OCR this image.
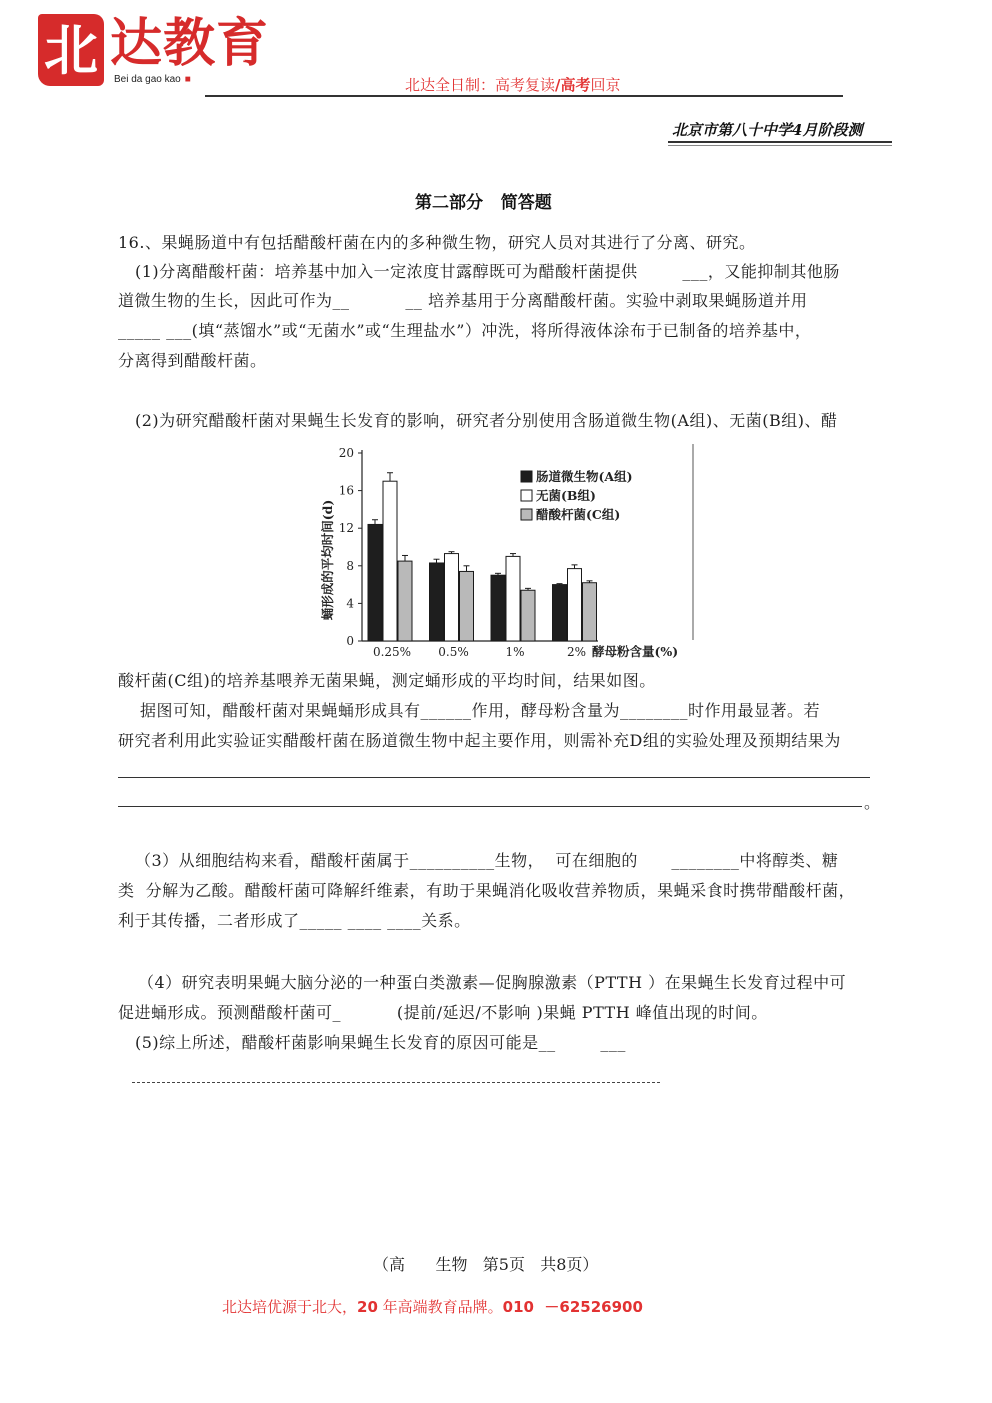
北 达教育
Bei da gao kao ■	北达全日制：高考复读/高考回京
北京市第八十中学4月阶段测
第二部分   简答题
16.、果蝇肠道中有包括醋酸杆菌在内的多种微生物，研究人员对其进行了分离、研究。
(1)分离醋酸杆菌：培养基中加入一定浓度甘露醇既可为醋酸杆菌提供        ___，又能抑制其他肠
道微生物的生长，因此可作为__          __ 培养基用于分离醋酸杆菌。实验中剥取果蝇肠道并用
_____ ___(填“蒸馏水”或“无菌水”或“生理盐水”）冲洗，将所得液体涂布于已制备的培养基中，
分离得到醋酸杆菌。
(2)为研究醋酸杆菌对果蝇生长发育的影响，研究者分别使用含肠道微生物(A组)、无菌(B组)、醋
蛹形成的平均时间(d)
酵母粉含量(%)
肠道微生物(A组)
无菌(B组)
醋酸杆菌(C组)
0
4
8
12
16
20
0.25% 0.5%	1%	2%
酸杆菌(C组)的培养基喂养无菌果蝇，测定蛹形成的平均时间，结果如图。
据图可知，醋酸杆菌对果蝇蛹形成具有______作用，酵母粉含量为________时作用最显著。若
研究者利用此实验证实醋酸杆菌在肠道微生物中起主要作用，则需补充D组的实验处理及预期结果为
。
（3）从细胞结构来看，醋酸杆菌属于__________生物，  可在细胞的      ________中将醇类、糖
类  分解为乙酸。醋酸杆菌可降解纤维素，有助于果蝇消化吸收营养物质，果蝇采食时携带醋酸杆菌，
利于其传播，二者形成了_____ ____ ____关系。
（4）研究表明果蝇大脑分泌的一种蛋白类激素—促胸腺激素（PTTH ）在果蝇生长发育过程中可
促进蛹形成。预测醋酸杆菌可_          (提前/延迟/不影响 )果蝇 PTTH 峰值出现的时间。
(5)综上所述，醋酸杆菌影响果蝇生长发育的原因可能是__        ___
（高      生物   第5页   共8页）
北达培优源于北大，20 年高端教育品牌。010  －62526900
